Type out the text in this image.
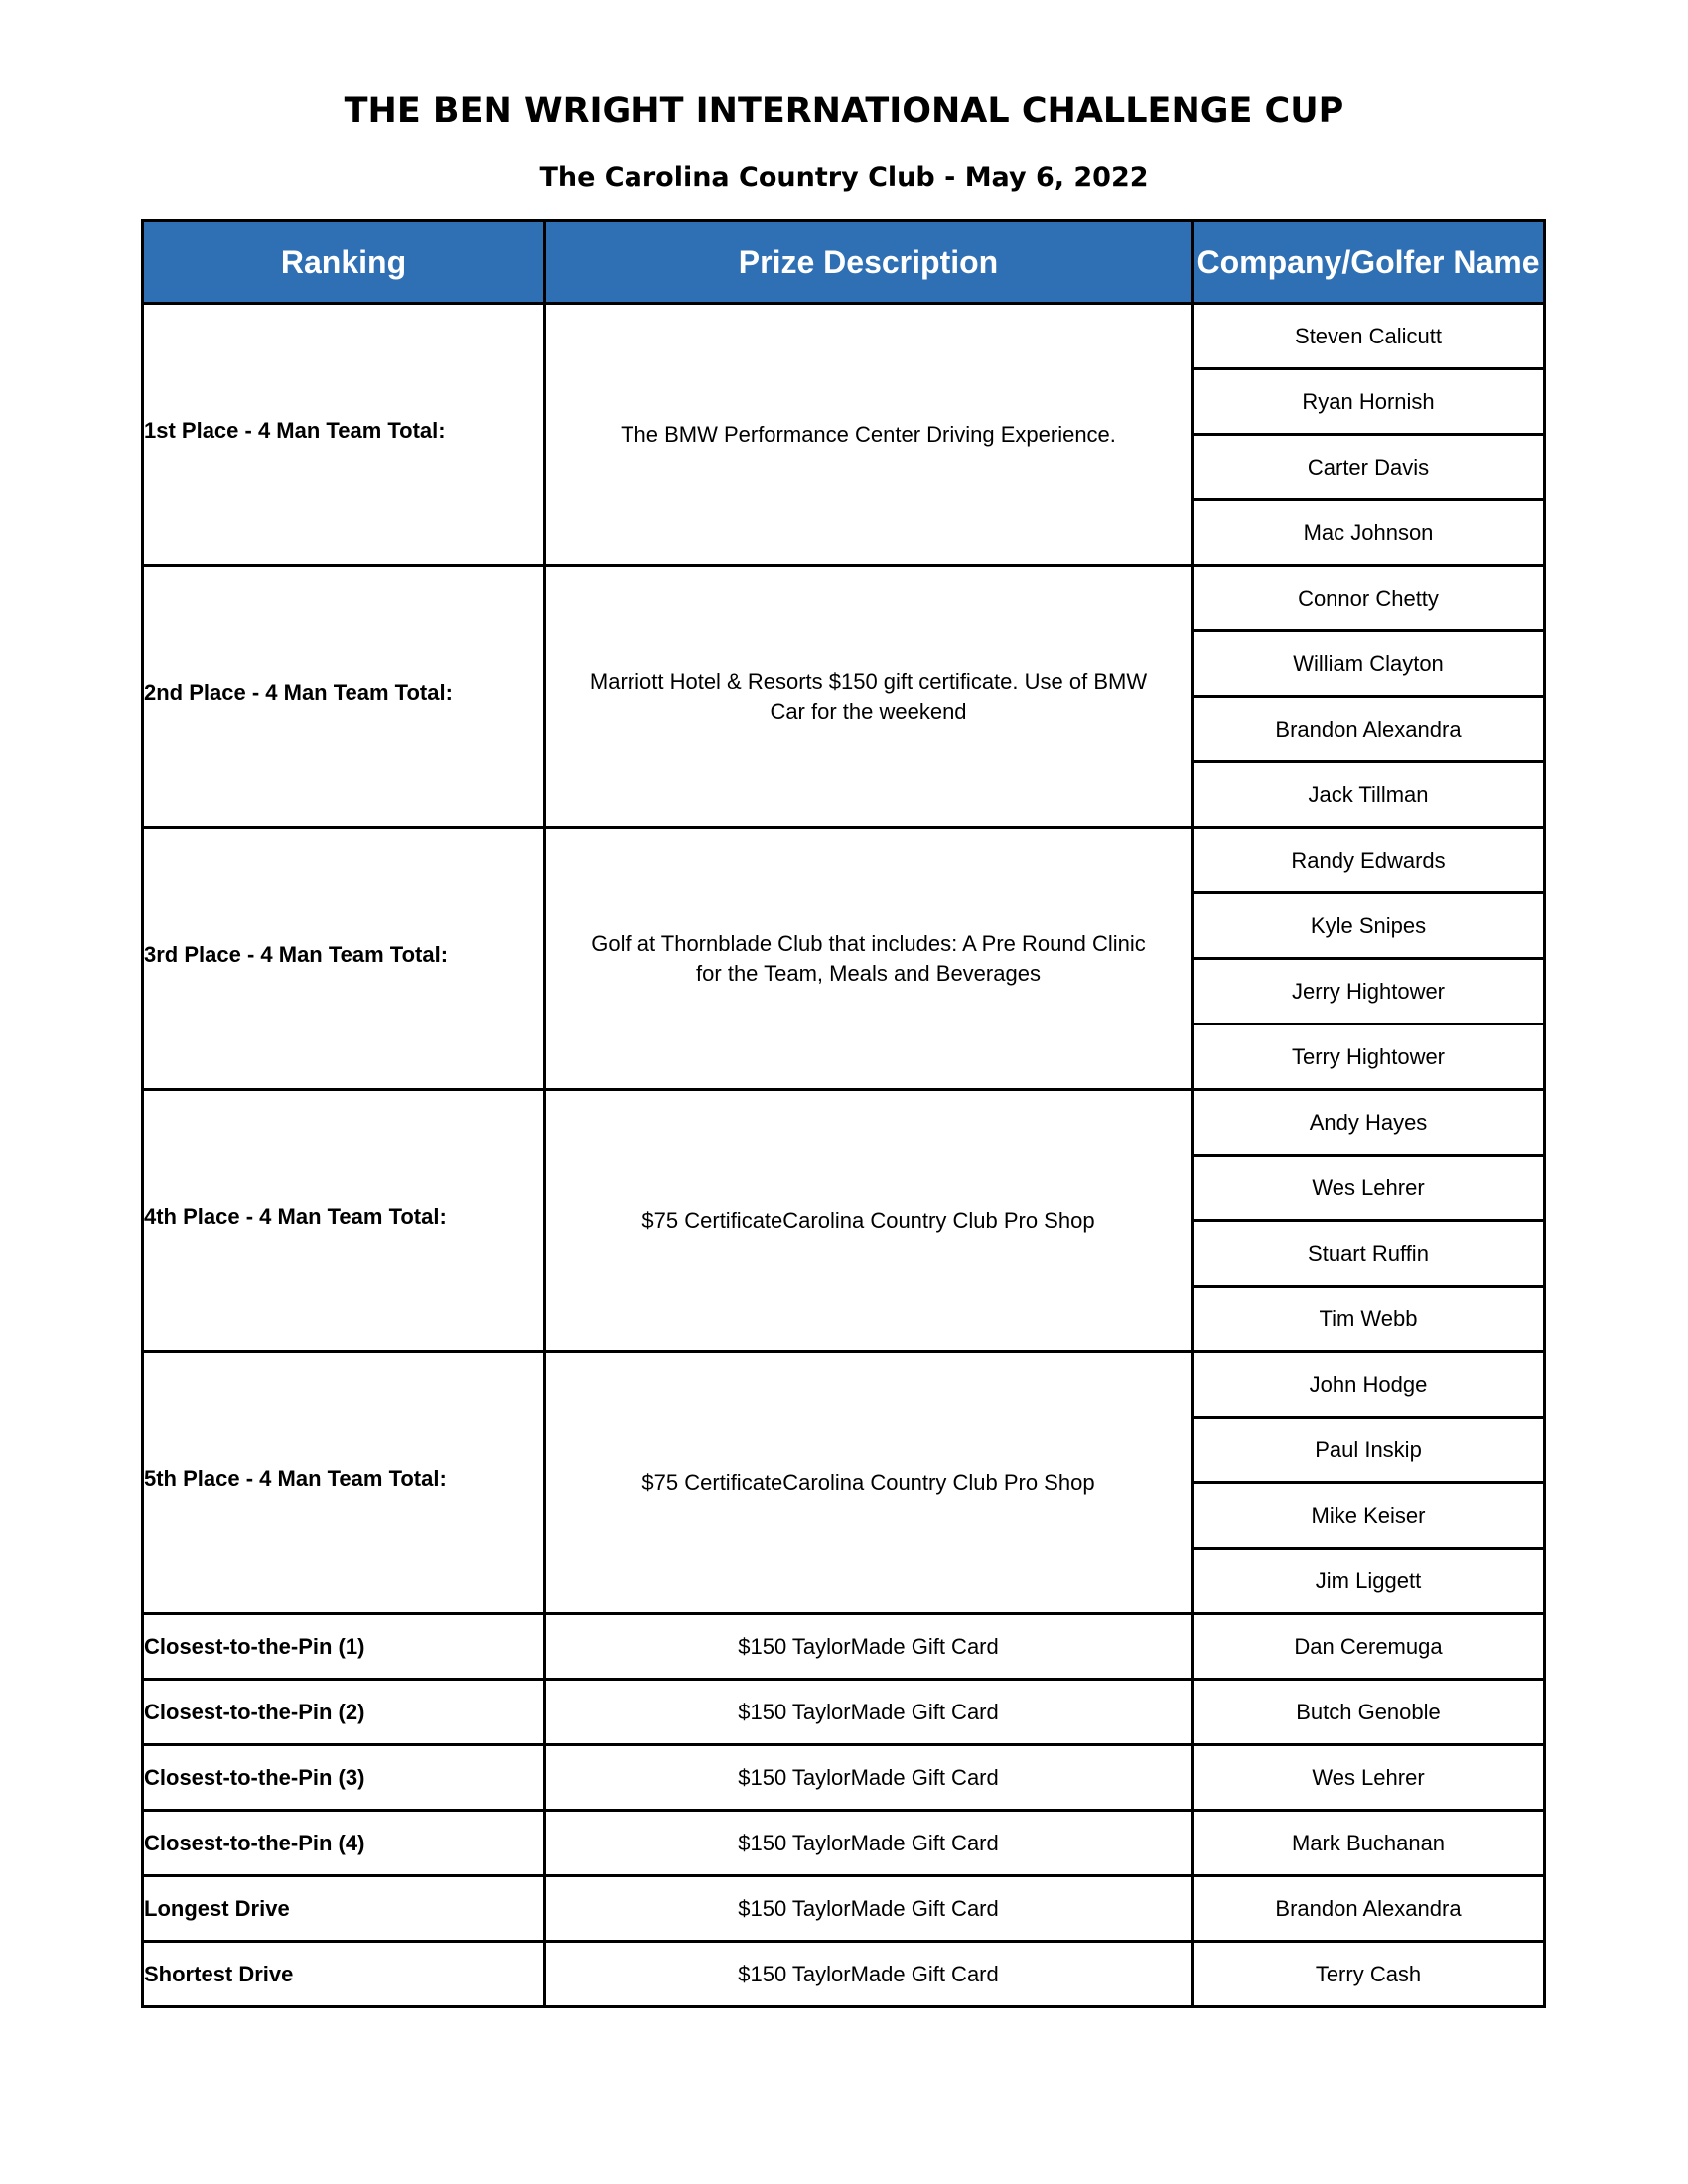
THE BEN WRIGHT INTERNATIONAL CHALLENGE CUP
The Carolina Country Club - May 6, 2022
Ranking	Prize Description	Company/Golfer Name
1st Place - 4 Man Team Total:	The BMW Performance Center Driving Experience.	Steven Calicutt
		Ryan Hornish
		Carter Davis
		Mac Johnson
2nd Place - 4 Man Team Total:	Marriott Hotel & Resorts $150 gift certificate. Use of BMWCar for the weekend	Connor Chetty
		William Clayton
		Brandon Alexandra
		Jack Tillman
3rd Place - 4 Man Team Total:	Golf at Thornblade Club that includes: A Pre Round Clinicfor the Team, Meals and Beverages	Randy Edwards
		Kyle Snipes
		Jerry Hightower
		Terry Hightower
4th Place - 4 Man Team Total:	$75 CertificateCarolina Country Club Pro Shop	Andy Hayes
		Wes Lehrer
		Stuart Ruffin
		Tim Webb
5th Place - 4 Man Team Total:	$75 CertificateCarolina Country Club Pro Shop	John Hodge
		Paul Inskip
		Mike Keiser
		Jim Liggett
Closest-to-the-Pin (1)	$150 TaylorMade Gift Card	Dan Ceremuga
Closest-to-the-Pin (2)	$150 TaylorMade Gift Card	Butch Genoble
Closest-to-the-Pin (3)	$150 TaylorMade Gift Card	Wes Lehrer
Closest-to-the-Pin (4)	$150 TaylorMade Gift Card	Mark Buchanan
Longest Drive	$150 TaylorMade Gift Card	Brandon Alexandra
Shortest Drive	$150 TaylorMade Gift Card	Terry Cash
